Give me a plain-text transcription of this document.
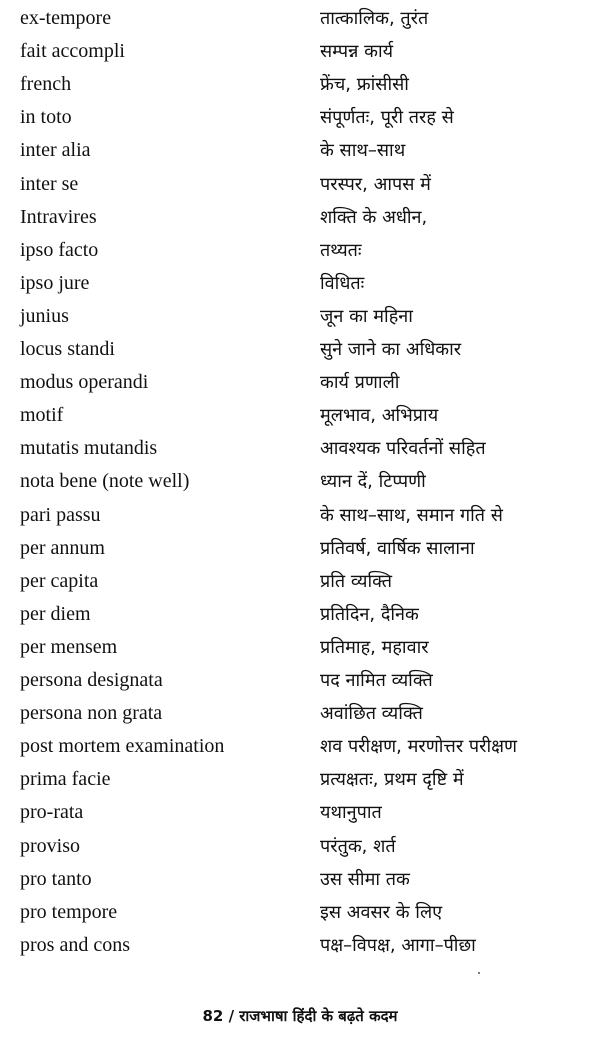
ex-tempore	तात्कालिक, तुरंत
fait accompli	सम्पन्न कार्य
french	फ्रेंच, फ्रांसीसी
in toto	संपूर्णतः, पूरी तरह से
inter alia	के साथ–साथ
inter se	परस्पर, आपस में
Intravires	शक्ति के अधीन,
ipso facto	तथ्यतः
ipso jure	विधितः
junius	जून का महिना
locus standi	सुने जाने का अधिकार
modus operandi	कार्य प्रणाली
motif	मूलभाव, अभिप्राय
mutatis mutandis	आवश्यक परिवर्तनों सहित
nota bene (note well)	ध्यान दें, टिप्पणी
pari passu	के साथ–साथ, समान गति से
per annum	प्रतिवर्ष, वार्षिक सालाना
per capita	प्रति व्यक्ति
per diem	प्रतिदिन, दैनिक
per mensem	प्रतिमाह, महावार
persona designata	पद नामित व्यक्ति
persona non grata	अवांछित व्यक्ति
post mortem examination	शव परीक्षण, मरणोत्तर परीक्षण
prima facie	प्रत्यक्षतः, प्रथम दृष्टि में
pro-rata	यथानुपात
proviso	परंतुक, शर्त
pro tanto	उस सीमा तक
pro tempore	इस अवसर के लिए
pros and cons	पक्ष–विपक्ष, आगा–पीछा
82 / राजभाषा हिंदी के बढ़ते कदम
